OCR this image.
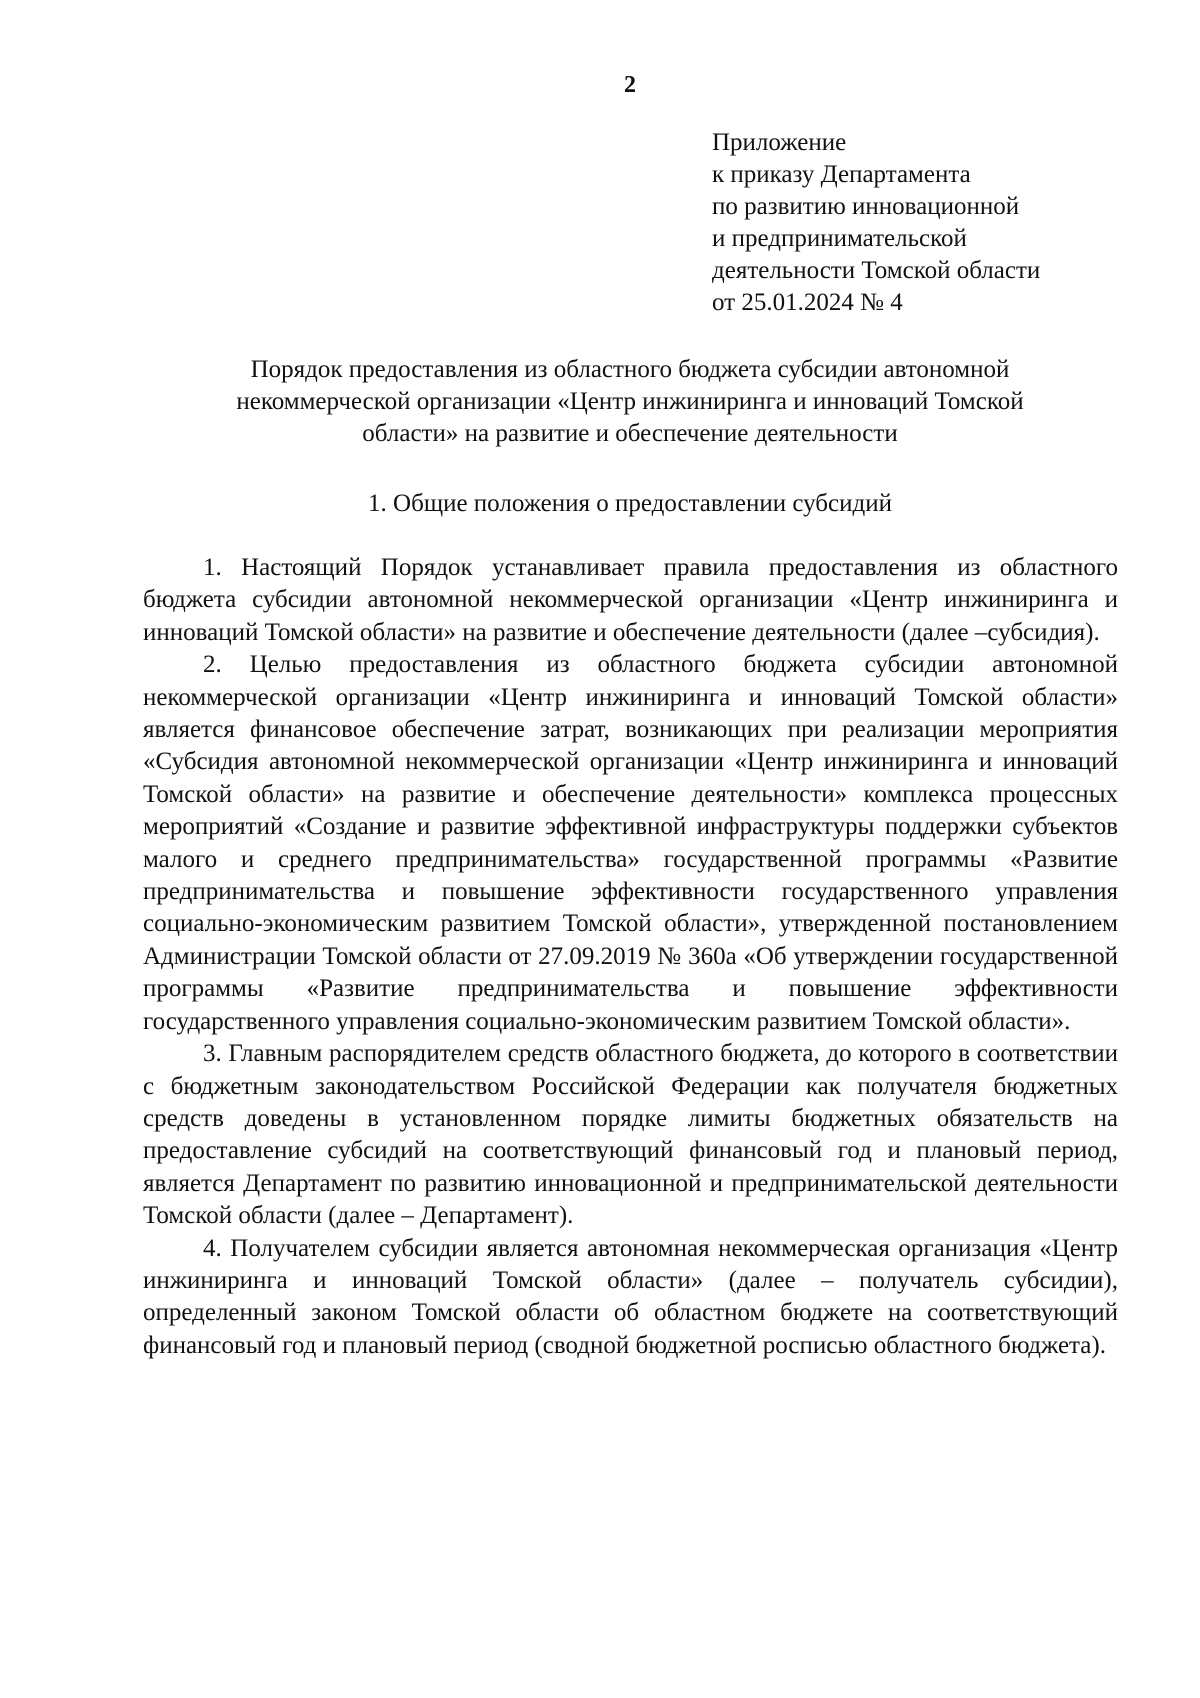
2
Приложение
к приказу Департамента
по развитию инновационной
и предпринимательской
деятельности Томской области
от 25.01.2024 № 4
Порядок предоставления из областного бюджета субсидии автономной
некоммерческой организации «Центр инжиниринга и инноваций Томской
области» на развитие и обеспечение деятельности
1. Общие положения о предоставлении субсидий

1. Настоящий Порядок устанавливает правила предоставления из областного бюджета субсидии автономной некоммерческой организации «Центр инжиниринга и инноваций Томской области» на развитие и обеспечение деятельности (далее –субсидия).

2. Целью предоставления из областного бюджета субсидии автономной некоммерческой организации «Центр инжиниринга и инноваций Томской области» является финансовое обеспечение затрат, возникающих при реализации мероприятия «Субсидия автономной некоммерческой организации «Центр инжиниринга и инноваций Томской области» на развитие и обеспечение деятельности» комплекса процессных мероприятий «Создание и развитие эффективной инфраструктуры поддержки субъектов малого и среднего предпринимательства» государственной программы «Развитие предпринимательства и повышение эффективности государственного управления социально-экономическим развитием Томской области», утвержденной постановлением Администрации Томской области от 27.09.2019 № 360а «Об утверждении государственной программы «Развитие предпринимательства и повышение эффективности государственного управления социально-экономическим развитием Томской области».

3. Главным распорядителем средств областного бюджета, до которого в соответствии с бюджетным законодательством Российской Федерации как получателя бюджетных средств доведены в установленном порядке лимиты бюджетных обязательств на предоставление субсидий на соответствующий финансовый год и плановый период, является Департамент по развитию инновационной и предпринимательской деятельности Томской области (далее – Департамент).

4. Получателем субсидии является автономная некоммерческая организация «Центр инжиниринга и инноваций Томской области» (далее – получатель субсидии), определенный законом Томской области об областном бюджете на соответствующий финансовый год и плановый период (сводной бюджетной росписью областного бюджета).
